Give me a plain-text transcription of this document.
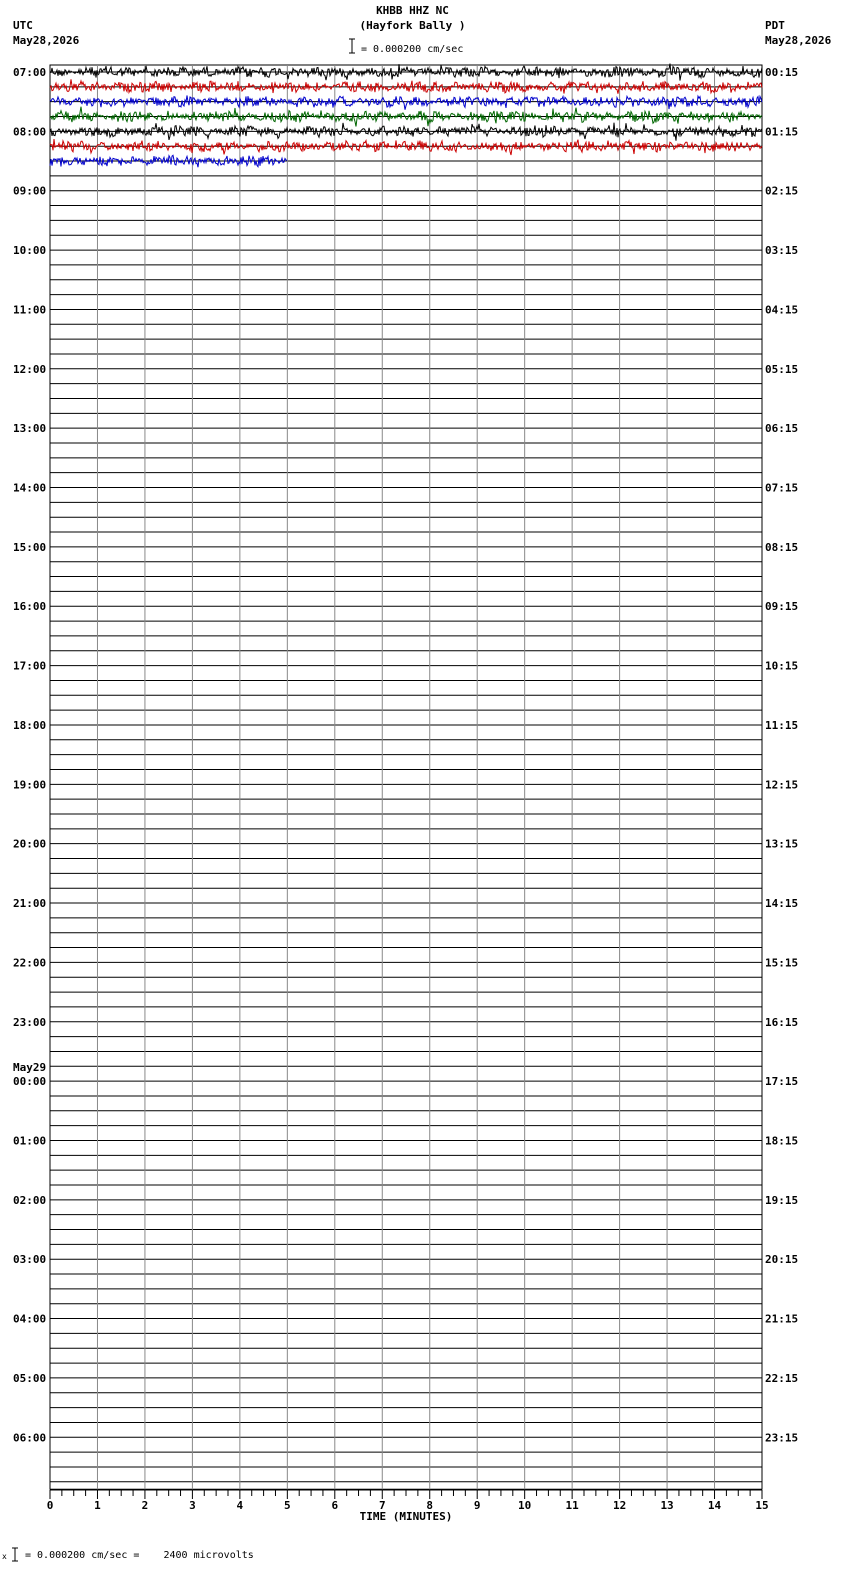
KHBB HHZ NC
(Hayfork Bally )
= 0.000200 cm/sec
UTC
May28,2026
PDT
May28,2026
07:00
08:00
09:00
10:00
11:00
12:00
13:00
14:00
15:00
16:00
17:00
18:00
19:00
20:00
21:00
22:00
23:00
00:00
May29
01:00
02:00
03:00
04:00
05:00
06:00
00:15
01:15
02:15
03:15
04:15
05:15
06:15
07:15
08:15
09:15
10:15
11:15
12:15
13:15
14:15
15:15
16:15
17:15
18:15
19:15
20:15
21:15
22:15
23:15
0	1	2	3	4	5	6	7	8	9	10	11	12	13	14	15
TIME (MINUTES)
x = 0.000200 cm/sec =    2400 microvolts
